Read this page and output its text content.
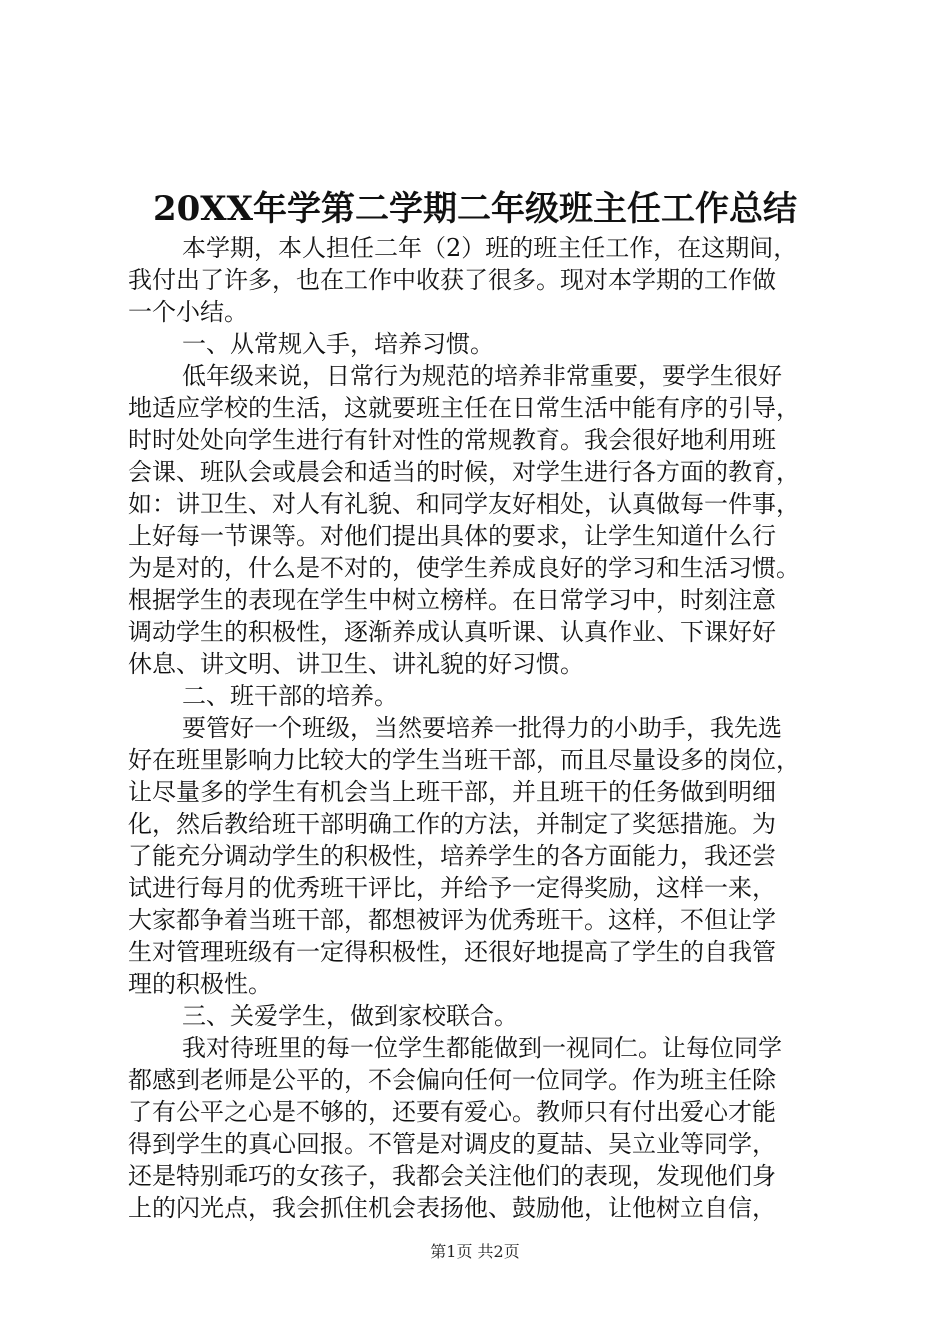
20XX年学第二学期二年级班主任工作总结
本学期，本人担任二年（2）班的班主任工作，在这期间，
我付出了许多，也在工作中收获了很多。现对本学期的工作做
一个小结。
一、从常规入手，培养习惯。
低年级来说，日常行为规范的培养非常重要，要学生很好
地适应学校的生活，这就要班主任在日常生活中能有序的引导，
时时处处向学生进行有针对性的常规教育。我会很好地利用班
会课、班队会或晨会和适当的时候，对学生进行各方面的教育，
如：讲卫生、对人有礼貌、和同学友好相处，认真做每一件事，
上好每一节课等。对他们提出具体的要求，让学生知道什么行
为是对的，什么是不对的，使学生养成良好的学习和生活习惯。
根据学生的表现在学生中树立榜样。在日常学习中，时刻注意
调动学生的积极性，逐渐养成认真听课、认真作业、下课好好
休息、讲文明、讲卫生、讲礼貌的好习惯。
二、班干部的培养。
要管好一个班级，当然要培养一批得力的小助手，我先选
好在班里影响力比较大的学生当班干部，而且尽量设多的岗位，
让尽量多的学生有机会当上班干部，并且班干的任务做到明细
化，然后教给班干部明确工作的方法，并制定了奖惩措施。为
了能充分调动学生的积极性，培养学生的各方面能力，我还尝
试进行每月的优秀班干评比，并给予一定得奖励，这样一来，
大家都争着当班干部，都想被评为优秀班干。这样，不但让学
生对管理班级有一定得积极性，还很好地提高了学生的自我管
理的积极性。
三、关爱学生，做到家校联合。
我对待班里的每一位学生都能做到一视同仁。让每位同学
都感到老师是公平的，不会偏向任何一位同学。作为班主任除
了有公平之心是不够的，还要有爱心。教师只有付出爱心才能
得到学生的真心回报。不管是对调皮的夏喆、吴立业等同学，
还是特别乖巧的女孩子，我都会关注他们的表现，发现他们身
上的闪光点，我会抓住机会表扬他、鼓励他，让他树立自信，
第1页 共2页
